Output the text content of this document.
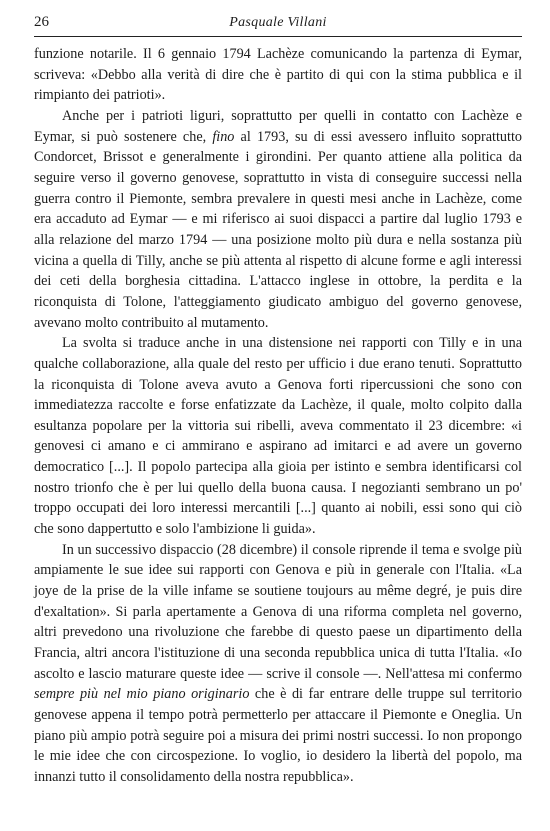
26	Pasquale Villani

funzione notarile. Il 6 gennaio 1794 Lachèze comunicando la partenza di Eymar, scriveva: «Debbo alla verità di dire che è partito di qui con la stima pubblica e il rimpianto dei patrioti».

Anche per i patrioti liguri, soprattutto per quelli in contatto con Lachèze e Eymar, si può sostenere che, fino al 1793, su di essi avessero influito soprattutto Condorcet, Brissot e generalmente i girondini. Per quanto attiene alla politica da seguire verso il governo genovese, soprattutto in vista di conseguire successi nella guerra contro il Piemonte, sembra prevalere in questi mesi anche in Lachèze, come era accaduto ad Eymar — e mi riferisco ai suoi dispacci a partire dal luglio 1793 e alla relazione del marzo 1794 — una posizione molto più dura e nella sostanza più vicina a quella di Tilly, anche se più attenta al rispetto di alcune forme e agli interessi dei ceti della borghesia cittadina. L'attacco inglese in ottobre, la perdita e la riconquista di Tolone, l'atteggiamento giudicato ambiguo del governo genovese, avevano molto contribuito al mutamento.

La svolta si traduce anche in una distensione nei rapporti con Tilly e in una qualche collaborazione, alla quale del resto per ufficio i due erano tenuti. Soprattutto la riconquista di Tolone aveva avuto a Genova forti ripercussioni che sono con immediatezza raccolte e forse enfatizzate da Lachèze, il quale, molto colpito dalla esultanza popolare per la vittoria sui ribelli, aveva commentato il 23 dicembre: «i genovesi ci amano e ci ammirano e aspirano ad imitarci e ad avere un governo democratico [...]. Il popolo partecipa alla gioia per istinto e sembra identificarsi col nostro trionfo che è per lui quello della buona causa. I negozianti sembrano un po' troppo occupati dei loro interessi mercantili [...] quanto ai nobili, essi sono qui ciò che sono dappertutto e solo l'ambizione li guida».

In un successivo dispaccio (28 dicembre) il console riprende il tema e svolge più ampiamente le sue idee sui rapporti con Genova e più in generale con l'Italia. «La joye de la prise de la ville infame se soutiene toujours au même degré, je puis dire d'exaltation». Si parla apertamente a Genova di una riforma completa nel governo, altri prevedono una rivoluzione che farebbe di questo paese un dipartimento della Francia, altri ancora l'istituzione di una seconda repubblica unica di tutta l'Italia. «Io ascolto e lascio maturare queste idee — scrive il console —. Nell'attesa mi confermo sempre più nel mio piano originario che è di far entrare delle truppe sul territorio genovese appena il tempo potrà permetterlo per attaccare il Piemonte e Oneglia. Un piano più ampio potrà seguire poi a misura dei primi nostri successi. Io non propongo le mie idee che con circospezione. Io voglio, io desidero la libertà del popolo, ma innanzi tutto il consolidamento della nostra repubblica».
